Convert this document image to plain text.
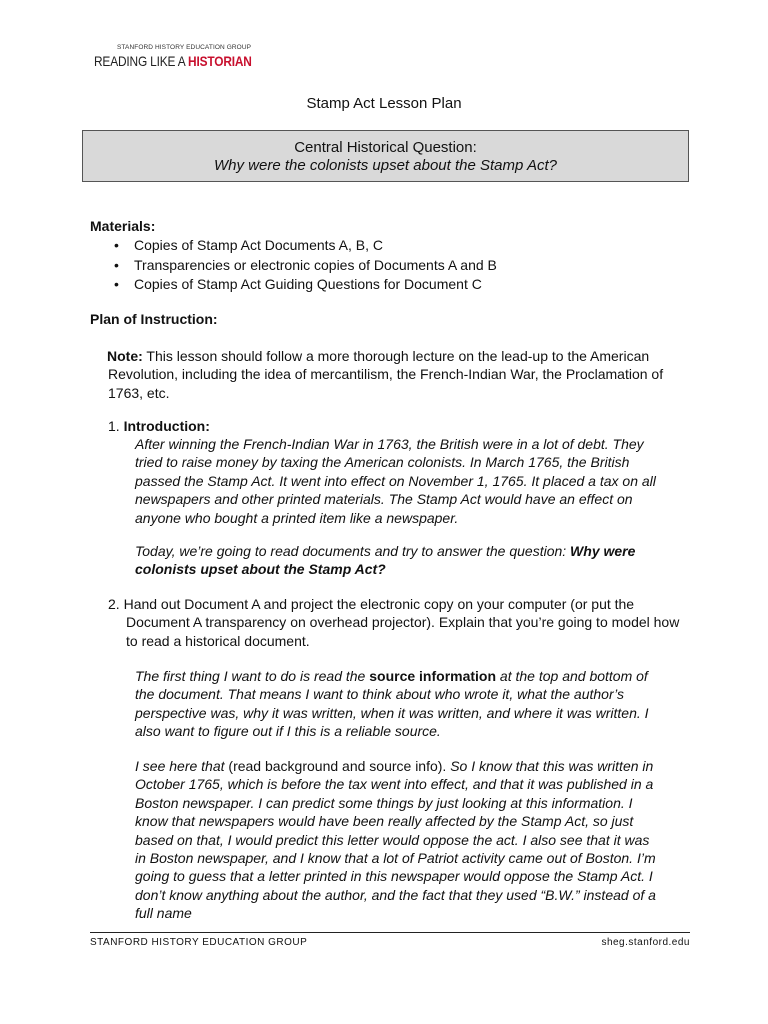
STANFORD HISTORY EDUCATION GROUP
READING LIKE A HISTORIAN
Stamp Act Lesson Plan
Central Historical Question:
Why were the colonists upset about the Stamp Act?
Materials:
• Copies of Stamp Act Documents A, B, C
• Transparencies or electronic copies of Documents A and B
• Copies of Stamp Act Guiding Questions for Document C
Plan of Instruction:
Note: This lesson should follow a more thorough lecture on the lead-up to the American Revolution, including the idea of mercantilism, the French-Indian War, the Proclamation of 1763, etc.
1. Introduction:
After winning the French-Indian War in 1763, the British were in a lot of debt. They tried to raise money by taxing the American colonists. In March 1765, the British passed the Stamp Act. It went into effect on November 1, 1765. It placed a tax on all newspapers and other printed materials. The Stamp Act would have an effect on anyone who bought a printed item like a newspaper.
Today, we’re going to read documents and try to answer the question: Why were colonists upset about the Stamp Act?
2. Hand out Document A and project the electronic copy on your computer (or put the Document A transparency on overhead projector). Explain that you’re going to model how to read a historical document.
The first thing I want to do is read the source information at the top and bottom of the document. That means I want to think about who wrote it, what the author’s perspective was, why it was written, when it was written, and where it was written. I also want to figure out if I this is a reliable source.
I see here that (read background and source info). So I know that this was written in October 1765, which is before the tax went into effect, and that it was published in a Boston newspaper. I can predict some things by just looking at this information. I know that newspapers would have been really affected by the Stamp Act, so just based on that, I would predict this letter would oppose the act. I also see that it was in Boston newspaper, and I know that a lot of Patriot activity came out of Boston. I’m going to guess that a letter printed in this newspaper would oppose the Stamp Act. I don’t know anything about the author, and the fact that they used “B.W.” instead of a full name
STANFORD HISTORY EDUCATION GROUP	sheg.stanford.edu
